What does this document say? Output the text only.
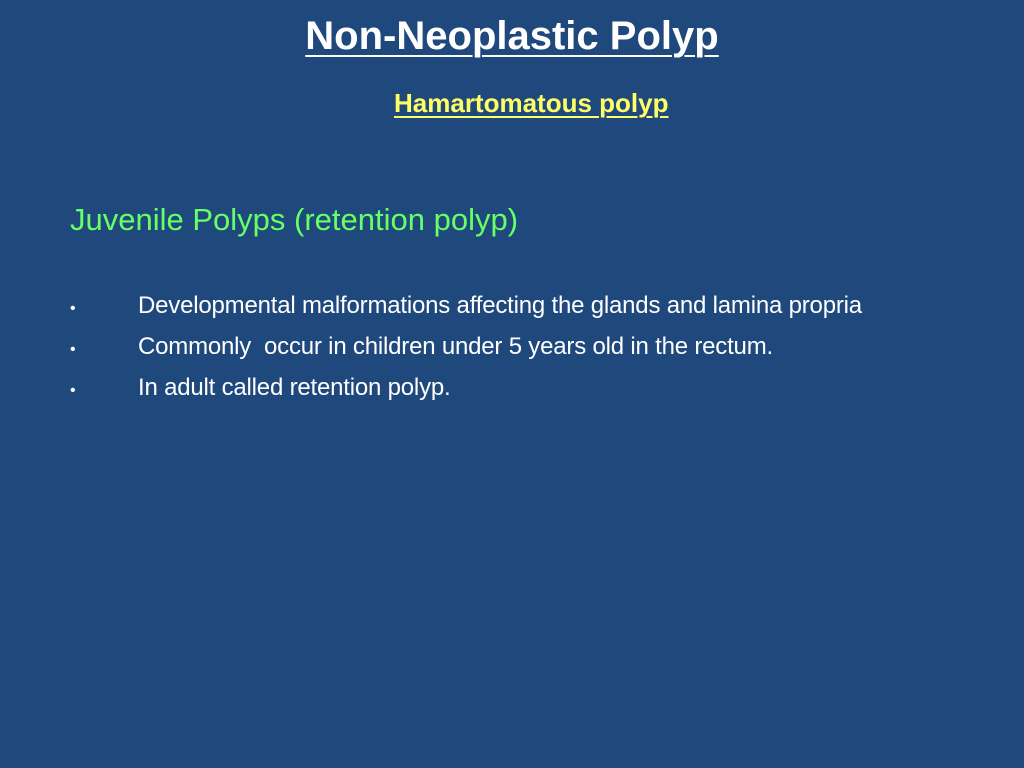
Non-Neoplastic Polyp
Hamartomatous polyp
Juvenile Polyps (retention polyp)
•	Developmental malformations affecting the glands and lamina propria
•	Commonly  occur in children under 5 years old in the rectum.
•	In adult called retention polyp.
